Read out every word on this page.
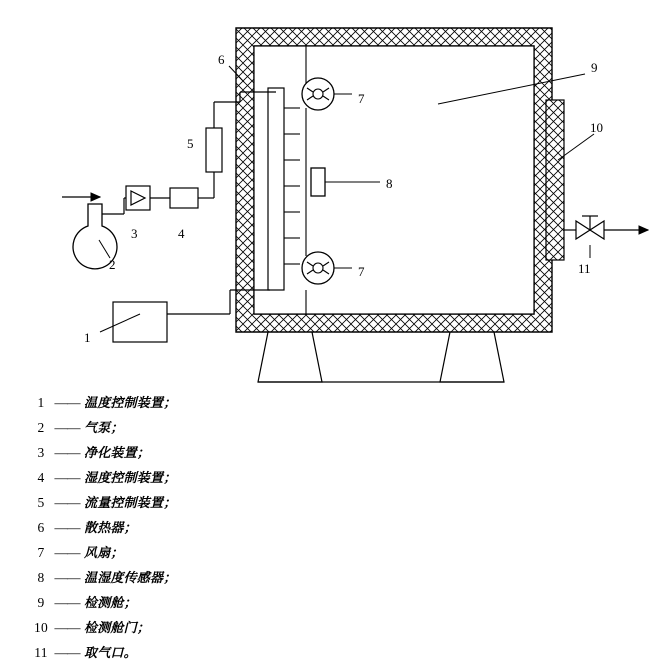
1
2
3	4
5
6
7
7
8
9
10
11
1 —— 温度控制装置；
2 —— 气泵；
3 —— 净化装置；
4 —— 湿度控制装置；
5 —— 流量控制装置；
6 —— 散热器；
7 —— 风扇；
8 —— 温湿度传感器；
9 —— 检测舱；
10 —— 检测舱门；
11 —— 取气口。
